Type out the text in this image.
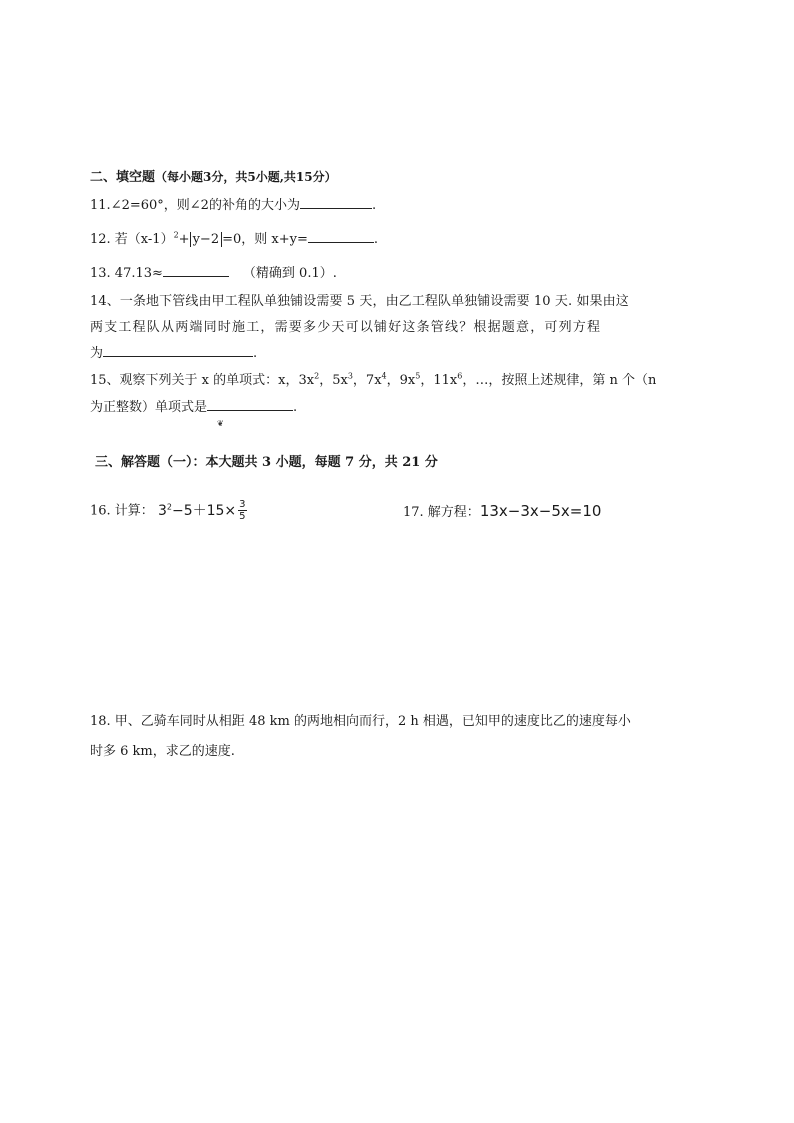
二、填空题（每小题3分，共5小题,共15分）
11.∠2=60°，则∠2的补角的大小为	.
12. 若$(x-1)^2+ y-2 =0$，则 x+y=	.
13. 47.13≈	（精确到 0.1）.
14、一条地下管线由甲工程队单独铺设需要 5 天，由乙工程队单独铺设需要 10 天. 如果由这
两支工程队从两端同时施工，需要多少天可以铺好这条管线？根据题意，可列方程
为	.
15、观察下列关于 x 的单项式：x，$3x^2$，$5x^3$，$7x^4$，$9x^5$，$11x^6$，…，按照上述规律，第 n 个（n
为正整数）单项式是	.
❦
三、解答题（一）：本大题共 3 小题，每题 7 分，共 21 分
16. 计算： $3^2-5+15\times \frac{3}{5}$	17. 解方程：13x−3x−5x=10
18. 甲、乙骑车同时从相距 48 km 的两地相向而行，2 h 相遇，已知甲的速度比乙的速度每小
时多 6 km，求乙的速度.
